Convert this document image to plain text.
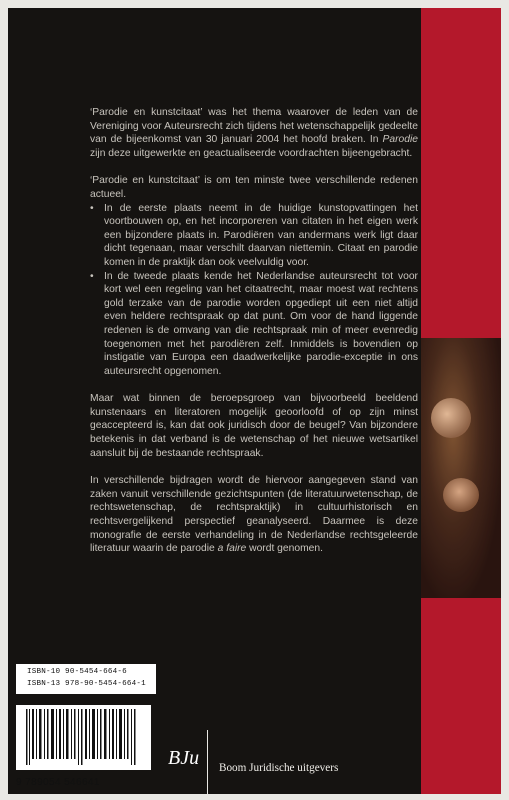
‘Parodie en kunstcitaat’ was het thema waarover de leden van de Vereniging voor Auteursrecht zich tijdens het wetenschappelijk gedeelte van de bijeenkomst van 30 januari 2004 het hoofd braken. In Parodie zijn deze uitgewerkte en geactualiseerde voordrachten bijeengebracht.

‘Parodie en kunstcitaat’ is om ten minste twee verschillende redenen actueel.

• In de eerste plaats neemt in de huidige kunstopvattingen het voortbouwen op, en het incorporeren van citaten in het eigen werk een bijzondere plaats in. Parodiëren van andermans werk ligt daar dicht tegenaan, maar verschilt daarvan niettemin. Citaat en parodie komen in de praktijk dan ook veelvuldig voor.
• In de tweede plaats kende het Nederlandse auteursrecht tot voor kort wel een regeling van het citaatrecht, maar moest wat rechtens gold terzake van de parodie worden opgediept uit een niet altijd even heldere rechtspraak op dat punt. Om voor de hand liggende redenen is de omvang van die rechtspraak min of meer evenredig toegenomen met het parodiëren zelf. Inmiddels is bovendien op instigatie van Europa een daadwerkelijke parodie-exceptie in ons auteursrecht opgenomen.

Maar wat binnen de beroepsgroep van bijvoorbeeld beeldend kunstenaars en literatoren mogelijk geoorloofd of op zijn minst geaccepteerd is, kan dat ook juridisch door de beugel? Van bijzondere betekenis in dat verband is de wetenschap of het nieuwe wetsartikel aansluit bij de bestaande rechtspraak.

In verschillende bijdragen wordt de hiervoor aangegeven stand van zaken vanuit verschillende gezichtspunten (de literatuurwetenschap, de rechtswetenschap, de rechtspraktijk) in cultuurhistorisch en rechtsvergelijkend perspectief geanalyseerd. Daarmee is deze monografie de eerste verhandeling in de Nederlandse rechtsgeleerde literatuur waarin de parodie a faire wordt genomen.

ISBN-10 90-5454-664-6
ISBN-13 978-90-5454-664-1
9 789054 546641
BJu Boom Juridische uitgevers
